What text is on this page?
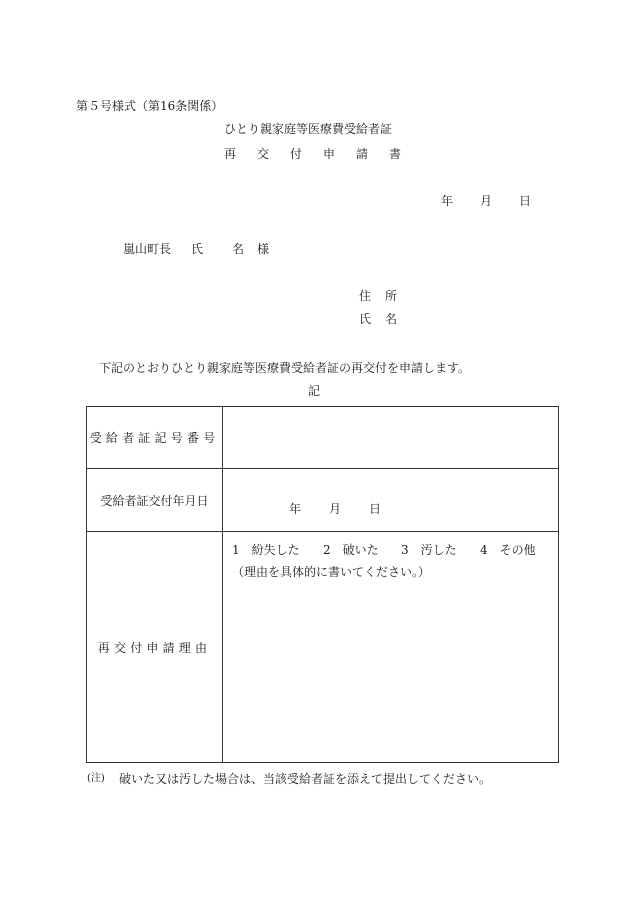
第５号様式（第16条関係）
ひとり親家庭等医療費受給者証
再 交 付 申 請 書
年 月 日
嵐山町長 氏 名 様
住 所
氏 名
下記のとおりひとり親家庭等医療費受給者証の再交付を申請します。
記
受給者証記号番号	
受給者証交付年月日	年 月 日

再交付申請理由	1　紛失した 2　破いた 3　汚した 4　その他
（理由を具体的に書いてください。）
(注) 破いた又は汚した場合は、当該受給者証を添えて提出してください。
